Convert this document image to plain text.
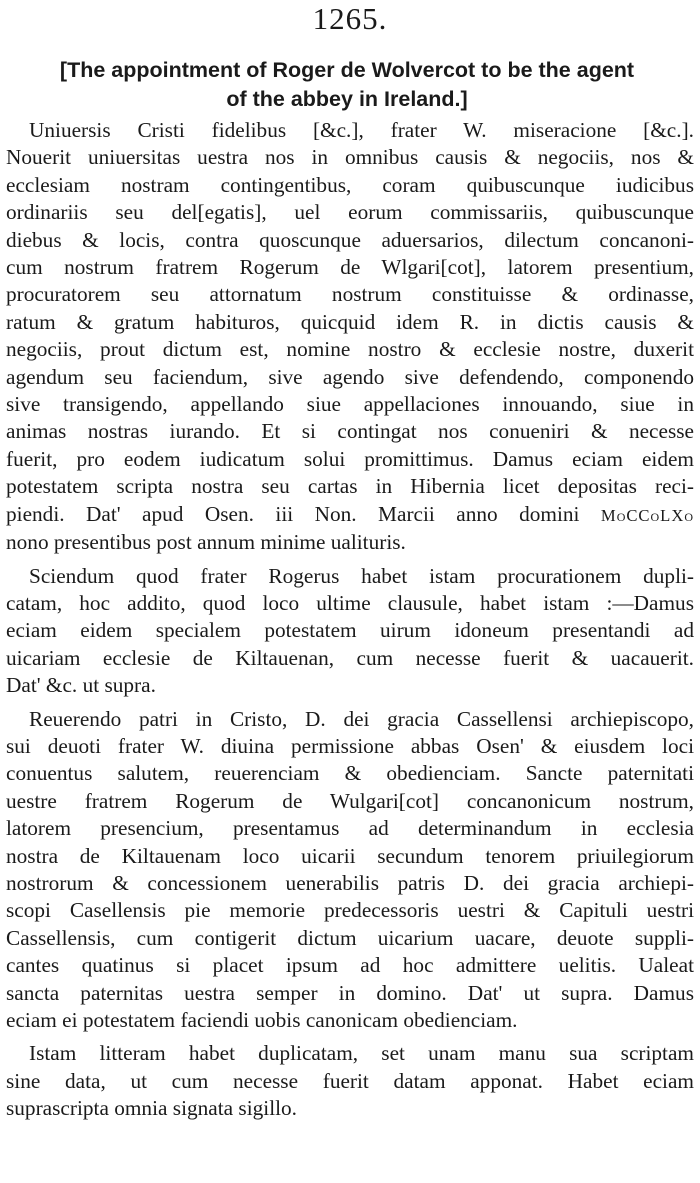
1265.
[The appointment of Roger de Wolvercot to be the agent
of the abbey in Ireland.]
Uniuersis Cristi fidelibus [&c.], frater W. miseracione [&c.].
Nouerit uniuersitas uestra nos in omnibus causis & negociis, nos &
ecclesiam nostram contingentibus, coram quibuscunque iudicibus
ordinariis seu del[egatis], uel eorum commissariis, quibuscunque
diebus & locis, contra quoscunque aduersarios, dilectum concanoni-
cum nostrum fratrem Rogerum de Wlgari[cot], latorem presentium,
procuratorem seu attornatum nostrum constituisse & ordinasse,
ratum & gratum habituros, quicquid idem R. in dictis causis &
negociis, prout dictum est, nomine nostro & ecclesie nostre, duxerit
agendum seu faciendum, sive agendo sive defendendo, componendo
sive transigendo, appellando siue appellaciones innouando, siue in
animas nostras iurando. Et si contingat nos conueniri & necesse
fuerit, pro eodem iudicatum solui promittimus. Damus eciam eidem
potestatem scripta nostra seu cartas in Hibernia licet depositas reci-
piendi. Dat' apud Osen. iii Non. Marcii anno domini MoCCoLXo
nono presentibus post annum minime ualituris.
Sciendum quod frater Rogerus habet istam procurationem dupli-
catam, hoc addito, quod loco ultime clausule, habet istam :—Damus
eciam eidem specialem potestatem uirum idoneum presentandi ad
uicariam ecclesie de Kiltauenan, cum necesse fuerit & uacauerit.
Dat' &c. ut supra.
Reuerendo patri in Cristo, D. dei gracia Cassellensi archiepiscopo,
sui deuoti frater W. diuina permissione abbas Osen' & eiusdem loci
conuentus salutem, reuerenciam & obedienciam. Sancte paternitati
uestre fratrem Rogerum de Wulgari[cot] concanonicum nostrum,
latorem presencium, presentamus ad determinandum in ecclesia
nostra de Kiltauenam loco uicarii secundum tenorem priuilegiorum
nostrorum & concessionem uenerabilis patris D. dei gracia archiepi-
scopi Casellensis pie memorie predecessoris uestri & Capituli uestri
Cassellensis, cum contigerit dictum uicarium uacare, deuote suppli-
cantes quatinus si placet ipsum ad hoc admittere uelitis. Ualeat
sancta paternitas uestra semper in domino. Dat' ut supra. Damus
eciam ei potestatem faciendi uobis canonicam obedienciam.
Istam litteram habet duplicatam, set unam manu sua scriptam
sine data, ut cum necesse fuerit datam apponat. Habet eciam
suprascripta omnia signata sigillo.
